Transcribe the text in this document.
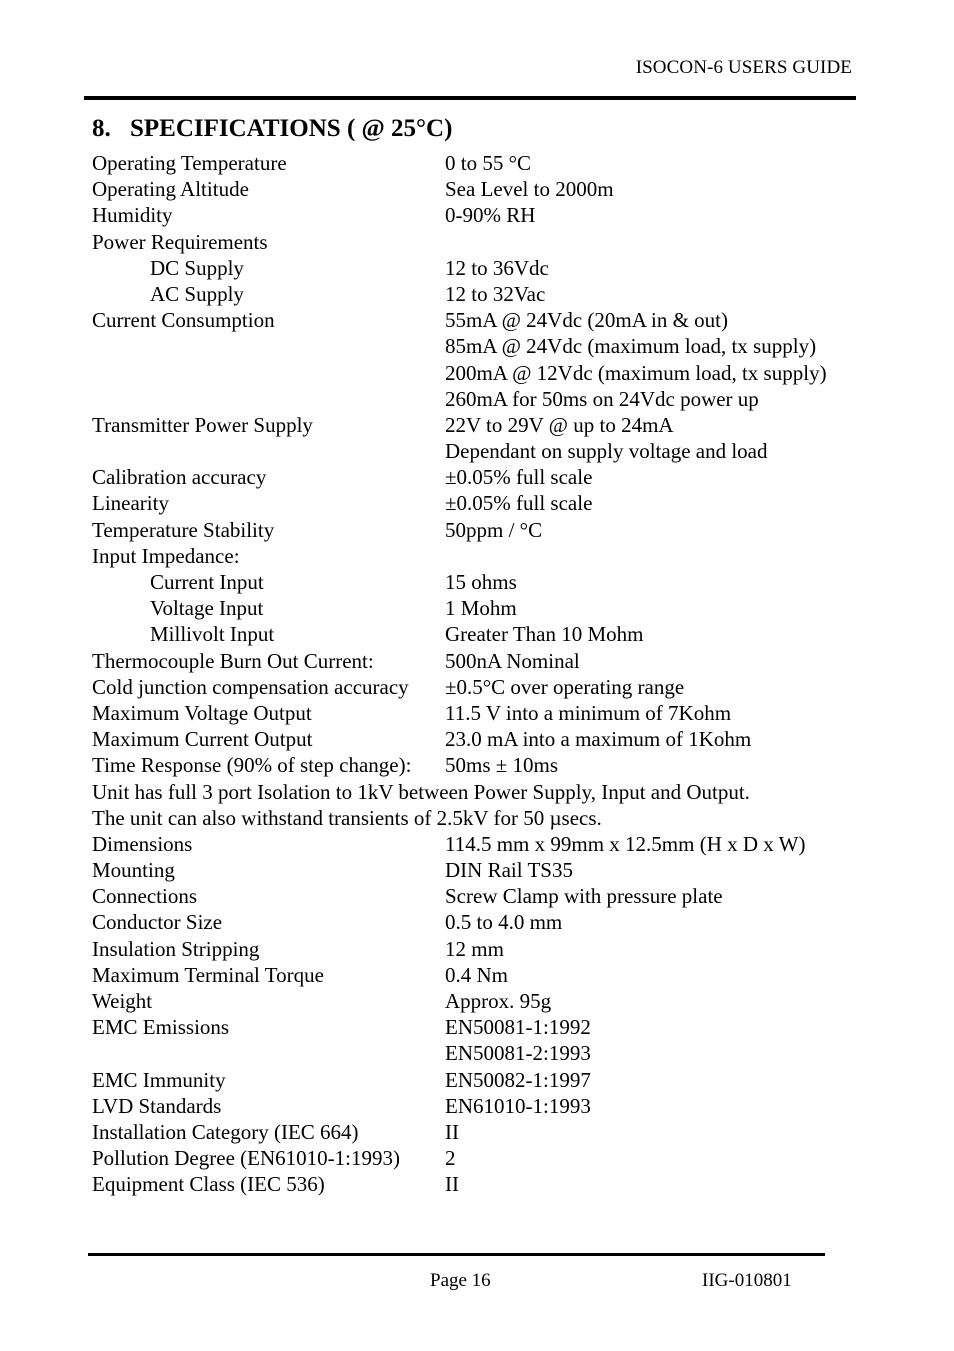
ISOCON-6 USERS GUIDE
8. SPECIFICATIONS ( @ 25°C)
Operating Temperature	0 to 55 °C
Operating Altitude	Sea Level to 2000m
Humidity	0-90% RH
Power Requirements
DC Supply	12 to 36Vdc
AC Supply	12 to 32Vac
Current Consumption	55mA @ 24Vdc (20mA in & out)
85mA @ 24Vdc (maximum load, tx supply)
200mA @ 12Vdc (maximum load, tx supply)
260mA for 50ms on 24Vdc power up
Transmitter Power Supply	22V to 29V @ up to 24mA
Dependant on supply voltage and load
Calibration accuracy	±0.05% full scale
Linearity	±0.05% full scale
Temperature Stability	50ppm / °C
Input Impedance:
Current Input	15 ohms
Voltage Input	1 Mohm
Millivolt Input	Greater Than 10 Mohm
Thermocouple Burn Out Current:	500nA Nominal
Cold junction compensation accuracy ±0.5°C over operating range
Maximum Voltage Output	11.5 V into a minimum of 7Kohm
Maximum Current Output	23.0 mA into a maximum of 1Kohm
Time Response (90% of step change): 50ms ± 10ms
Unit has full 3 port Isolation to 1kV between Power Supply, Input and Output.
The unit can also withstand transients of 2.5kV for 50 µsecs.
Dimensions	114.5 mm x 99mm x 12.5mm (H x D x W)
Mounting	DIN Rail TS35
Connections	Screw Clamp with pressure plate
Conductor Size	0.5 to 4.0 mm
Insulation Stripping	12 mm
Maximum Terminal Torque	0.4 Nm
Weight	Approx. 95g
EMC Emissions	EN50081-1:1992
EN50081-2:1993
EMC Immunity	EN50082-1:1997
LVD Standards	EN61010-1:1993
Installation Category (IEC 664)	II
Pollution Degree (EN61010-1:1993) 2
Equipment Class (IEC 536)	II
Page 16	IIG-010801
